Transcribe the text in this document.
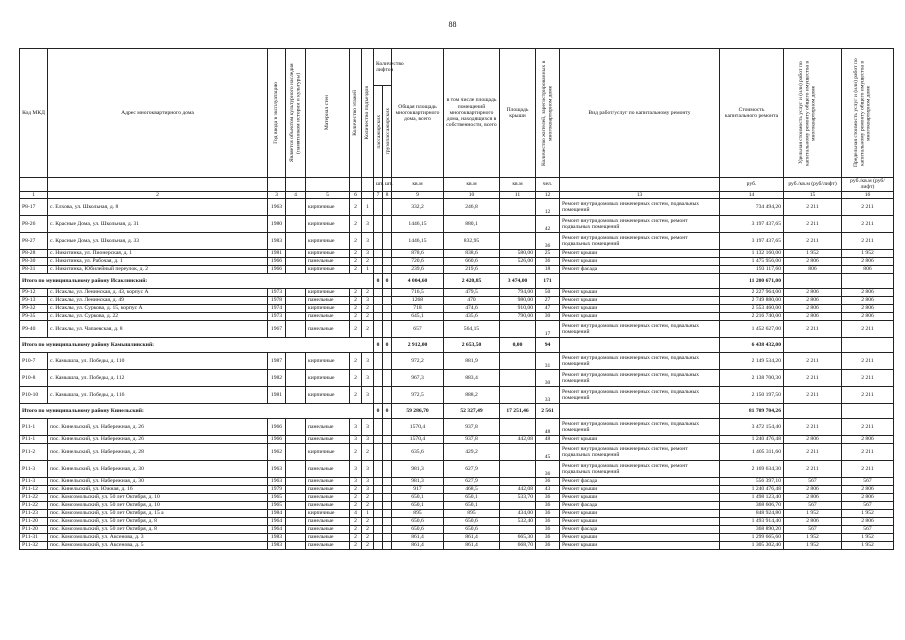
88
Код МКД	Адрес многоквартирного дома	Год ввода в эксплуатацию	Является объектом культурного наследия (памятником истории и культуры)	Материал стен	Количество этажей	Количество подъездов	Количество лифтов		Общая площадь многоквартирного дома, всего	в том числе площадь помещений многоквартирного дома, находящихся в собственности, всего	Площадь крыши	Количество жителей, зарегистрированных в многоквартирном доме	Вид работ/услуг по капитальному ремонту	Стоимость капитального ремонта	Удельная стоимость услуг и (или) работ по капитальному ремонту общего имущества в многоквартирном доме	Предельная стоимость услуг и (или) работ по капитальному ремонту общего имущества в многоквартирном доме

							пассажирских	грузопассажирских								

							шт.	шт.	кв.м	кв.м	кв.м	чел.		руб.	руб./кв.м (руб/лифт)	руб./кв.м (руб/лифт)
1	2	3	4	5	6		7	8	9	10	11	12	13	14	15	16
Р8-17	с. Елхова, ул. Школьная, д. 8	1963		кирпичные	2	1			332,2	246,8		12	Ремонт внутридомовых инженерных систем, подвальных помещений	734 494,20	2 211	2 211
Р8-26	с. Красные Дома, ул. Школьная, д. 31	1980		кирпичные	2	3			1446,15	880,1		42	Ремонт внутридомовых инженерных систем, ремонт подвальных помещений	3 197 437,65	2 211	2 211
Р8-27	с. Красные Дома, ул. Школьная, д. 33	1983		кирпичные	2	3			1446,15	832,95		36	Ремонт внутридомовых инженерных систем, ремонт подвальных помещений	3 197 437,65	2 211	2 211
Р8-28	с. Никитинка, ул. Пионерская, д. 1	1981		кирпичные	2	3			878,6	838,6	580,00	25	Ремонт крыши	1 132 160,00	1 952	1 952
Р8-30	с. Никитинка, ул. Рабочая, д. 1	1966		панельные	2	2			720,6	660,6	526,00	36	Ремонт крыши	1 475 956,00	2 806	2 806
Р8-31	с. Никитинка, Юбилейный переулок, д. 2	1966		кирпичные	2	1			239,6	219,6		18	Ремонт фасада	193 117,60	806	806
Итого по муниципальному району Исаклинский:							0	0	4 004,60	2 420,85	3 474,00	171		11 200 671,00		
Р9-12	с. Исаклы, ул. Ленинская, д. 43, корпус А	1973		кирпичные	2	2			716,5	479,5	794,00	50	Ремонт крыши	2 227 964,00	2 806	2 806
Р9-13	с. Исаклы, ул. Ленинская, д. 49	1978		панельные	2	3			1268	470	980,00	27	Ремонт крыши	2 749 880,00	2 806	2 806
Р9-32	с. Исаклы, ул. Суркова, д. 15, корпус А	1974		кирпичные	2	2			718	474,6	910,00	47	Ремонт крыши	2 553 460,00	2 806	2 806
Р9-35	с. Исаклы, ул. Суркова, д. 22	1973		панельные	2	2			645,1	435,6	790,00	30	Ремонт крыши	2 216 740,00	2 806	2 806
Р9-40	с. Исаклы, ул. Чапаевская, д. 8	1967		панельные	2	2			657	564,15		17	Ремонт внутридомовых инженерных систем, подвальных помещений	1 452 627,00	2 211	2 211
Итого по муниципальному району Камышлинский:							0	0	2 912,00	2 653,50	0,00	94		6 438 432,00		
Р10-7	с. Камышла, ул. Победы, д. 110	1987		кирпичные	2	3			972,2	881,9		31	Ремонт внутридомовых инженерных систем, подвальных помещений	2 149 534,20	2 211	2 211
Р10-8	с. Камышла, ул. Победы, д. 112	1982		кирпичные	2	3			967,3	883,4		30	Ремонт внутридомовых инженерных систем, подвальных помещений	2 138 700,30	2 211	2 211
Р10-10	с. Камышла, ул. Победы, д. 116	1981		кирпичные	2	3			972,5	888,2		33	Ремонт внутридомовых инженерных систем, подвальных помещений	2 150 197,50	2 211	2 211
Итого по муниципальному району Кинельский:							0	0	59 286,70	52 327,49	17 251,46	2 561		81 709 704,26		
Р11-1	пос. Кинельский, ул. Набережная, д. 26	1966		панельные	3	3			1570,4	937,8		48	Ремонт внутридомовых инженерных систем, подвальных помещений	3 472 154,40	2 211	2 211
Р11-1	пос. Кинельский, ул. Набережная, д. 26	1966		панельные	3	3			1570,4	937,8	442,08	48	Ремонт крыши	1 240 476,48	2 806	2 806
Р11-2	пос. Кинельский, ул. Набережная, д. 28	1962		кирпичные	2	2			635,6	429,2		45	Ремонт внутридомовых инженерных систем, ремонт подвальных помещений	1 405 311,60	2 211	2 211
Р11-3	пос. Кинельский, ул. Набережная, д. 30	1963		панельные	3	3			981,3	627,9		36	Ремонт внутридомовых инженерных систем, ремонт подвальных помещений	2 169 634,30	2 211	2 211
Р11-3	пос. Кинельский, ул. Набережная, д. 30	1963		панельные	3	3			981,3	627,9		36	Ремонт фасада	556 397,10	567	567
Р11-12	пос. Кинельский, ул. Южная, д. 16	1979		панельные	2	3			917	468,5	442,08	43	Ремонт крыши	1 240 476,48	2 806	2 806
Р11-22	пос. Комсомольский, ул. 50 лет Октября, д. 10	1965		панельные	2	2			650,1	650,1	533,70	36	Ремонт крыши	1 498 123,40	2 806	2 806
Р11-22	пос. Комсомольский, ул. 50 лет Октября, д. 10	1965		панельные	2	2			650,1	650,1		36	Ремонт фасада	368 606,70	567	567
Р11-23	пос. Комсомольский, ул. 50 лет Октября, д. 15 а	1984		кирпичные	4	1			895	895	434,00	36	Ремонт крыши	848 924,80	1 952	1 952
Р11-20	пос. Комсомольский, ул. 50 лет Октября, д. 8	1964		панельные	2	2			650,6	650,6	532,40	36	Ремонт крыши	1 493 914,40	2 806	2 806
Р11-20	пос. Комсомольский, ул. 50 лет Октября, д. 8	1964		панельные	2	2			650,6	650,6		36	Ремонт фасада	368 890,20	567	567
Р11-31	пос. Комсомольский, ул. Аксенова, д. 3	1983		панельные	2	2			861,4	861,4	665,30	36	Ремонт крыши	1 299 665,60	1 952	1 952
Р11-32	пос. Комсомольский, ул. Аксенова, д. 5	1983		панельные	2	2			861,4	861,4	668,70	36	Ремонт крыши	1 305 302,40	1 952	1 952
